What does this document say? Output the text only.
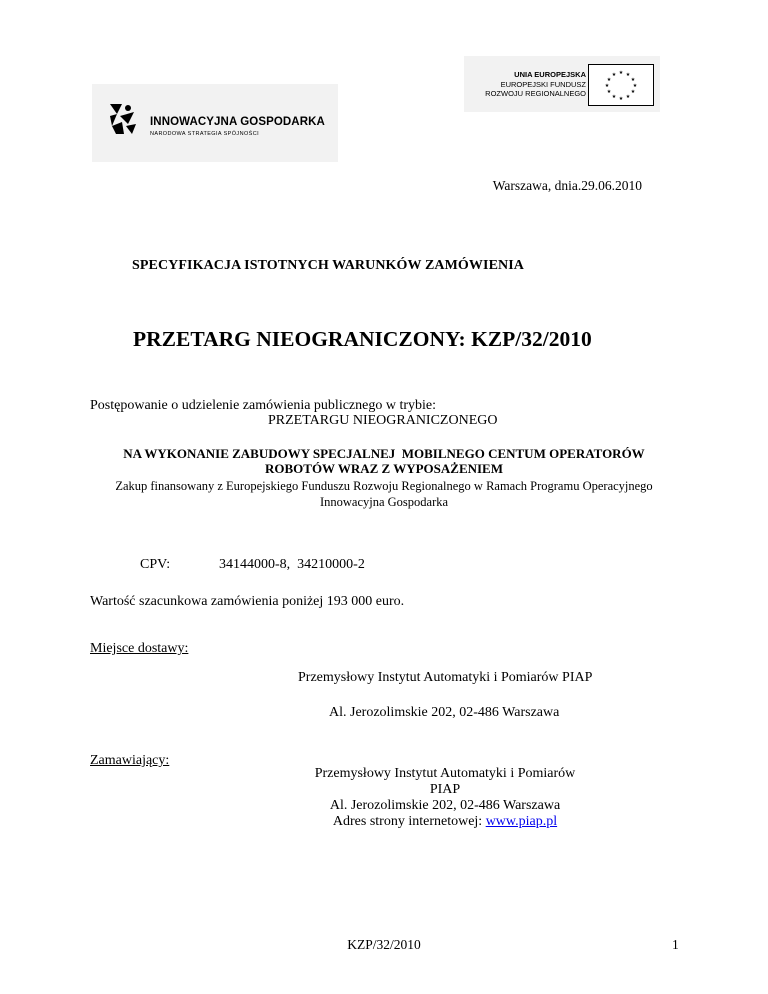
INNOWACYJNA GOSPODARKA
NARODOWA STRATEGIA SPÓJNOŚCI
UNIA EUROPEJSKA
EUROPEJSKI FUNDUSZ
ROZWOJU REGIONALNEGO
★ ★
★
★
★
★
★
★
★
★
★
★
Warszawa, dnia.29.06.2010
SPECYFIKACJA ISTOTNYCH WARUNKÓW ZAMÓWIENIA
PRZETARG NIEOGRANICZONY: KZP/32/2010
Postępowanie o udzielenie zamówienia publicznego w trybie:
PRZETARGU NIEOGRANICZONEGO
NA WYKONANIE ZABUDOWY SPECJALNEJ  MOBILNEGO CENTUM OPERATORÓW
ROBOTÓW WRAZ Z WYPOSAŻENIEM
Zakup finansowany z Europejskiego Funduszu Rozwoju Regionalnego w Ramach Programu Operacyjnego
Innowacyjna Gospodarka
CPV:	34144000-8,  34210000-2
Wartość szacunkowa zamówienia poniżej 193 000 euro.
Miejsce dostawy:
Przemysłowy Instytut Automatyki i Pomiarów PIAP
Al. Jerozolimskie 202, 02-486 Warszawa
Zamawiający:
Przemysłowy Instytut Automatyki i Pomiarów PIAP
Al. Jerozolimskie 202, 02-486 Warszawa
Adres strony internetowej: www.piap.pl
KZP/32/2010	1
